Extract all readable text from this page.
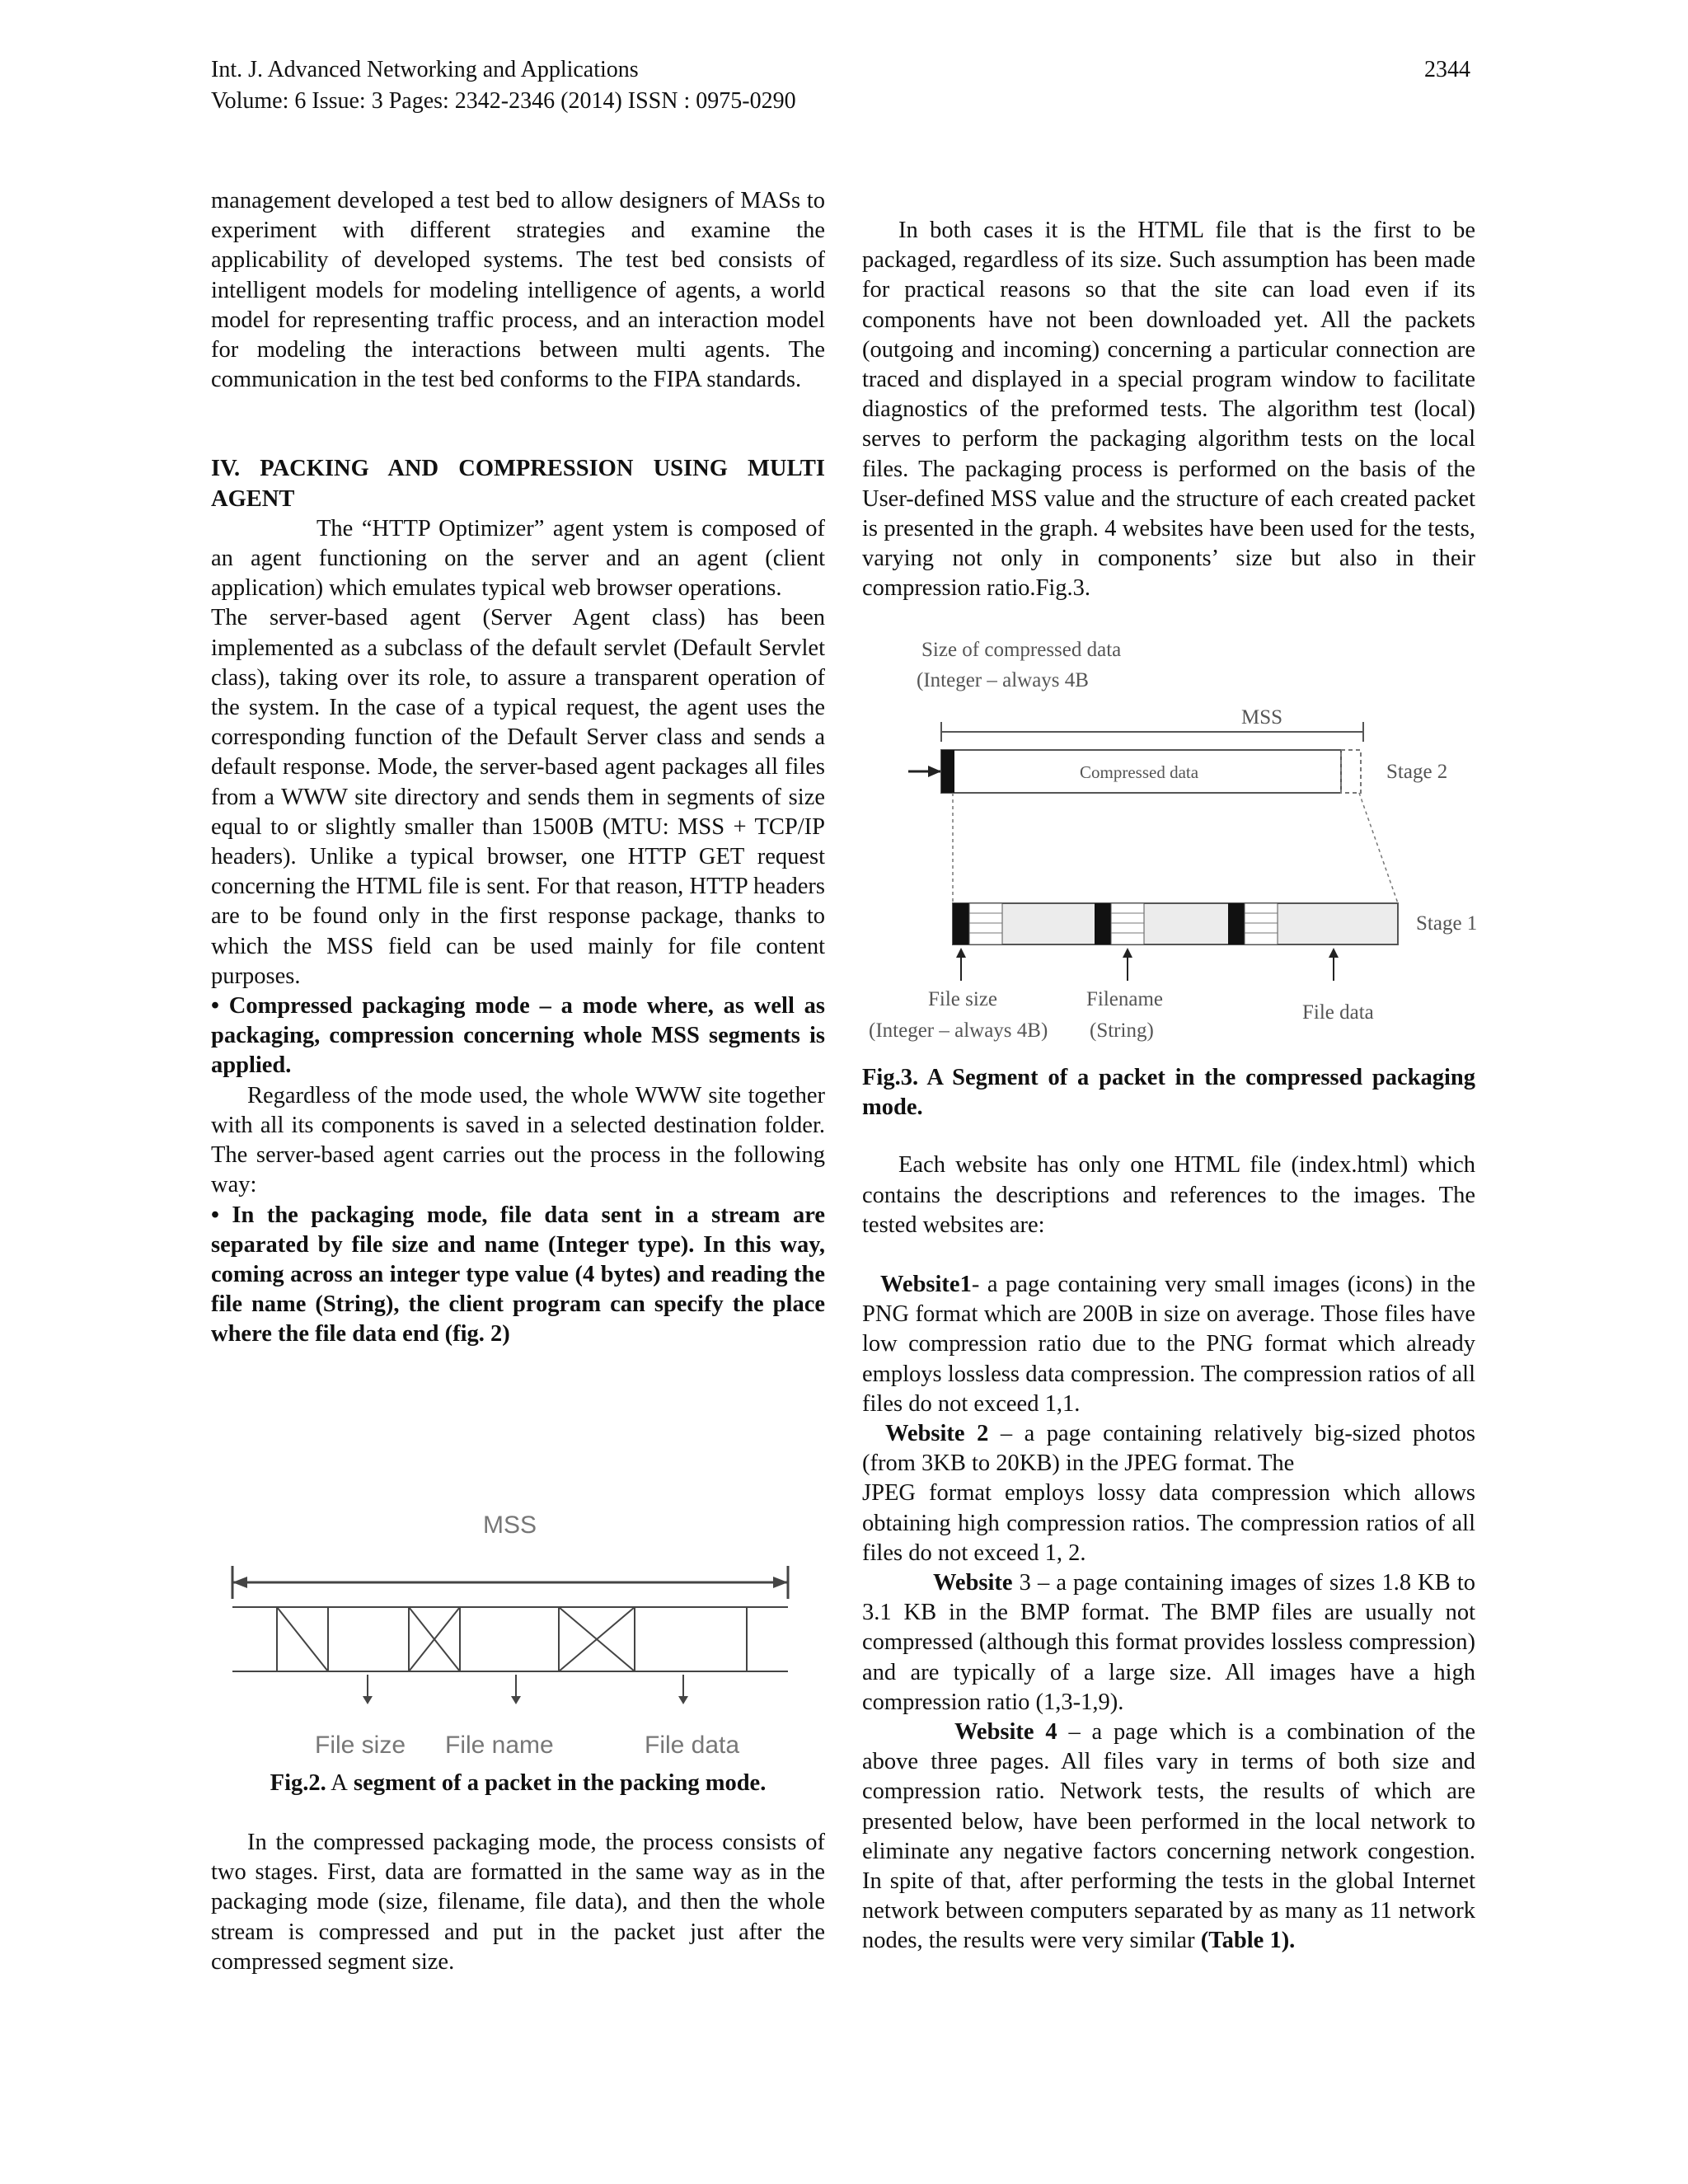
Int. J. Advanced Networking and Applications
Volume: 6 Issue: 3 Pages: 2342-2346 (2014) ISSN : 0975-0290
2344

management developed a test bed to allow designers of MASs to experiment with different strategies and examine the applicability of developed systems. The test bed consists of intelligent models for modeling intelligence of agents, a world model for representing traffic process, and an interaction model for modeling the interactions between multi agents. The communication in the test bed conforms to the FIPA standards.

IV. PACKING AND COMPRESSION USING MULTI AGENT

The “HTTP Optimizer” agent ystem is composed of an agent functioning on the server and an agent (client application) which emulates typical web browser operations.

The server-based agent (Server Agent class) has been implemented as a subclass of the default servlet (Default Servlet class), taking over its role, to assure a transparent operation of the system. In the case of a typical request, the agent uses the corresponding function of the Default Server class and sends a default response. Mode, the server-based agent packages all files from a WWW site directory and sends them in segments of size equal to or slightly smaller than 1500B (MTU: MSS + TCP/IP headers). Unlike a typical browser, one HTTP GET request concerning the HTML file is sent. For that reason, HTTP headers are to be found only in the first response package, thanks to which the MSS field can be used mainly for file content purposes.

• Compressed packaging mode – a mode where, as well as packaging, compression concerning whole MSS segments is applied.

Regardless of the mode used, the whole WWW site together with all its components is saved in a selected destination folder. The server-based agent carries out the process in the following way:

• In the packaging mode, file data sent in a stream are separated by file size and name (Integer type). In this way, coming across an integer type value (4 bytes) and reading the file name (String), the client program can specify the place where the file data end (fig. 2)

MSS
File size File name	File data
Fig.2. A segment of a packet in the packing mode.

In the compressed packaging mode, the process consists of two stages. First, data are formatted in the same way as in the packaging mode (size, filename, file data), and then the whole stream is compressed and put in the packet just after the compressed segment size.

In both cases it is the HTML file that is the first to be packaged, regardless of its size. Such assumption has been made for practical reasons so that the site can load even if its components have not been downloaded yet. All the packets (outgoing and incoming) concerning a particular connection are traced and displayed in a special program window to facilitate diagnostics of the preformed tests. The algorithm test (local) serves to perform the packaging algorithm tests on the local files. The packaging process is performed on the basis of the User-defined MSS value and the structure of each created packet is presented in the graph. 4 websites have been used for the tests, varying not only in components’ size but also in their compression ratio.Fig.3.

Size of compressed data
(Integer – always 4B
MSS
Compressed data	Stage 2
Stage 1
File size
(Integer – always 4B)
Filename
(String)
File data

Fig.3. A Segment of a packet in the compressed packaging mode.

Each website has only one HTML file (index.html) which contains the descriptions and references to the images. The tested websites are:

Website1- a page containing very small images (icons) in the PNG format which are 200B in size on average. Those files have low compression ratio due to the PNG format which already employs lossless data compression. The compression ratios of all files do not exceed 1,1.

Website 2 – a page containing relatively big-sized photos (from 3KB to 20KB) in the JPEG format. The

JPEG format employs lossy data compression which allows obtaining high compression ratios. The compression ratios of all files do not exceed 1, 2.

Website 3 – a page containing images of sizes 1.8 KB to 3.1 KB in the BMP format. The BMP files are usually not compressed (although this format provides lossless compression) and are typically of a large size. All images have a high compression ratio (1,3-1,9).

Website 4 – a page which is a combination of the above three pages. All files vary in terms of both size and compression ratio. Network tests, the results of which are presented below, have been performed in the local network to eliminate any negative factors concerning network congestion. In spite of that, after performing the tests in the global Internet network between computers separated by as many as 11 network nodes, the results were very similar (Table 1).
